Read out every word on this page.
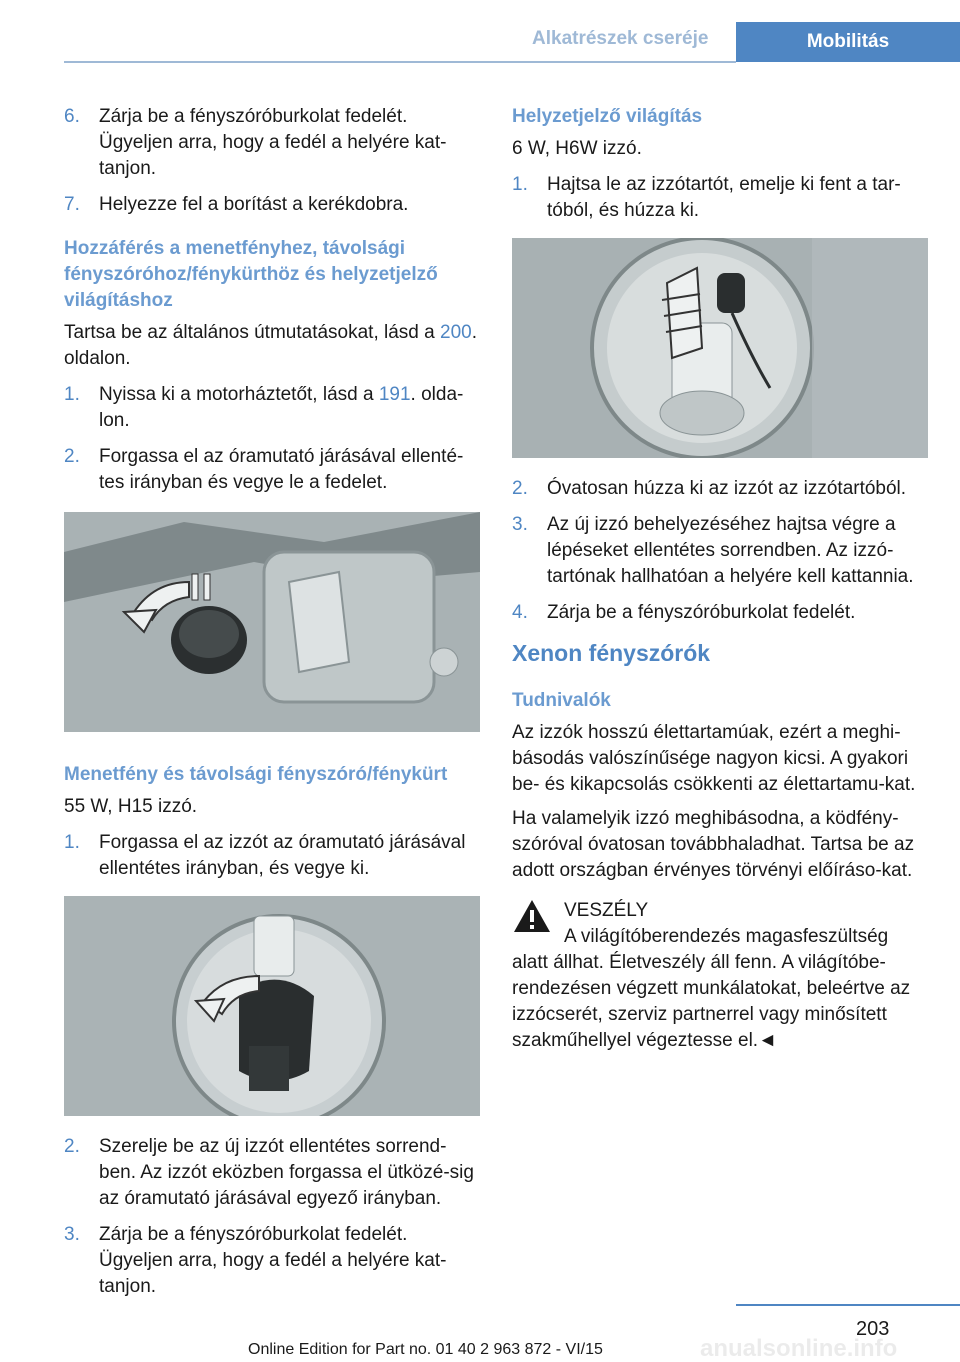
Alkatrészek cseréje	Mobilitás
6.	Zárja be a fényszóróburkolat fedelét. Ügyeljen arra, hogy a fedél a helyére kat‐tanjon.
7.	Helyezze fel a borítást a kerékdobra.

Hozzáférés a menetfényhez, távolsági fényszóróhoz/fénykürthöz és helyzetjelző világításhoz

Tartsa be az általános útmutatásokat, lásd a 200. oldalon.

1.	Nyissa ki a motorháztetőt, lásd a 191. olda‐lon.
2.	Forgassa el az óramutató járásával ellenté‐tes irányban és vegye le a fedelet.

Menetfény és távolsági fényszóró/fénykürt

55 W, H15 izzó.

1.	Forgassa el az izzót az óramutató járásával ellentétes irányban, és vegye ki.
2.	Szerelje be az új izzót ellentétes sorrend‐ben. Az izzót eközben forgassa el ütközé‐sig az óramutató járásával egyező irányban.
3.	Zárja be a fényszóróburkolat fedelét. Ügyeljen arra, hogy a fedél a helyére kat‐tanjon.

Helyzetjelző világítás

6 W, H6W izzó.

1.	Hajtsa le az izzótartót, emelje ki fent a tar‐tóból, és húzza ki.
2.	Óvatosan húzza ki az izzót az izzótartóból.
3.	Az új izzó behelyezéséhez hajtsa végre a lépéseket ellentétes sorrendben. Az izzó‐tartónak hallhatóan a helyére kell kattannia.
4.	Zárja be a fényszóróburkolat fedelét.

Xenon fényszórók

Tudnivalók

Az izzók hosszú élettartamúak, ezért a meghi‐básodás valószínűsége nagyon kicsi. A gyakori be- és kikapcsolás csökkenti az élettartamu‐kat.

Ha valamelyik izzó meghibásodna, a ködfény‐szóróval óvatosan továbbhaladhat. Tartsa be az adott országban érvényes törvényi előíráso‐kat.

VESZÉLY

A világítóberendezés magasfeszültség

alatt állhat. Életveszély áll fenn. A világítóbe‐rendezésen végzett munkálatokat, beleértve az izzócserét, szerviz partnerrel vagy minősített szakműhellyel végeztesse el.◄

203
Online Edition for Part no. 01 40 2 963 872 - VI/15	anualsonline.info
